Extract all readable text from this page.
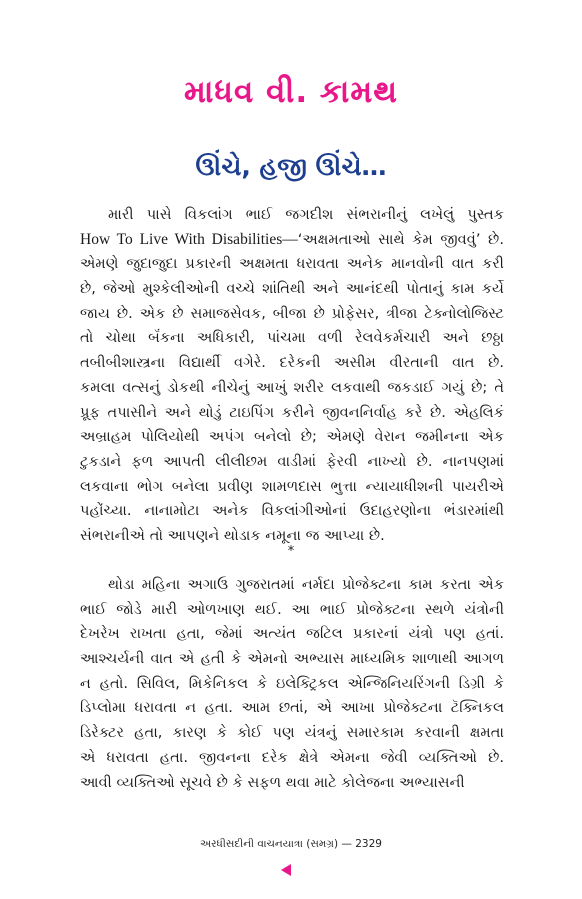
માધવ વી. કામથ
ઊંચે, હજી ઊંચે…
મારી પાસે વિકલાંગ ભાઈ જગદીશ સંભરાનીનું લખેલું પુસ્તક
How To Live With Disabilities—‘અક્ષમતાઓ સાથે કેમ જીવવું’ છે.
એમણે જુદાજુદા પ્રકારની અક્ષમતા ધરાવતા અનેક માનવોની વાત કરી
છે, જેઓ મુશ્કેલીઓની વચ્ચે શાંતિથી અને આનંદથી પોતાનું કામ કર્યે
જાય છે. એક છે સમાજસેવક, બીજા છે પ્રોફેસર, ત્રીજા ટેક્નોલોજિસ્ટ
તો ચોથા બૅંકના અધિકારી, પાંચમા વળી રેલવેકર્મચારી અને છઠ્ઠા
તબીબીશાસ્ત્રના વિદ્યાર્થી વગેરે. દરેકની અસીમ વીરતાની વાત છે.
કમલા વત્સનું ડોકથી નીચેનું આખું શરીર લકવાથી જકડાઈ ગયું છે; તે
પ્રૂફ તપાસીને અને થોડું ટાઇપિંગ કરીને જીવનનિર્વાહ કરે છે. એહલિકં
અબ્રાહમ પોલિયોથી અપંગ બનેલો છે; એમણે વેરાન જમીનના એક
ટુકડાને ફળ આપતી લીલીછમ વાડીમાં ફેરવી નાખ્યો છે. નાનપણમાં
લકવાના ભોગ બનેલા પ્રવીણ શામળદાસ ભુત્તા ન્યાયાધીશની પાયરીએ
પહોંચ્યા. નાનામોટા અનેક વિકલાંગીઓનાં ઉદાહરણોના ભંડારમાંથી
સંભરાનીએ તો આપણને થોડાક નમૂના જ આપ્યા છે.
*
થોડા મહિના અગાઉ ગુજરાતમાં નર્મદા પ્રોજેક્ટના કામ કરતા એક
ભાઈ જોડે મારી ઓળખાણ થઈ. આ ભાઈ પ્રોજેક્ટના સ્થળે યંત્રોની
દેખરેખ રાખતા હતા, જેમાં અત્યંત જટિલ પ્રકારનાં યંત્રો પણ હતાં.
આશ્ચર્યની વાત એ હતી કે એમનો અભ્યાસ માધ્યમિક શાળાથી આગળ
ન હતો. સિવિલ, મિકેનિકલ કે ઇલેક્ટ્રિકલ એન્જિનિયરિંગની ડિગ્રી કે
ડિપ્લોમા ધરાવતા ન હતા. આમ છતાં, એ આખા પ્રોજેક્ટના ટૅક્નિકલ
ડિરેક્ટર હતા, કારણ કે કોઈ પણ યંત્રનું સમારકામ કરવાની ક્ષમતા
એ ધરાવતા હતા. જીવનના દરેક ક્ષેત્રે એમના જેવી વ્યક્તિઓ છે.
આવી વ્યક્તિઓ સૂચવે છે કે સફળ થવા માટે કોલેજના અભ્યાસની
અરધીસદીની વાચનયાત્રા (સમગ્ર) — 2329
